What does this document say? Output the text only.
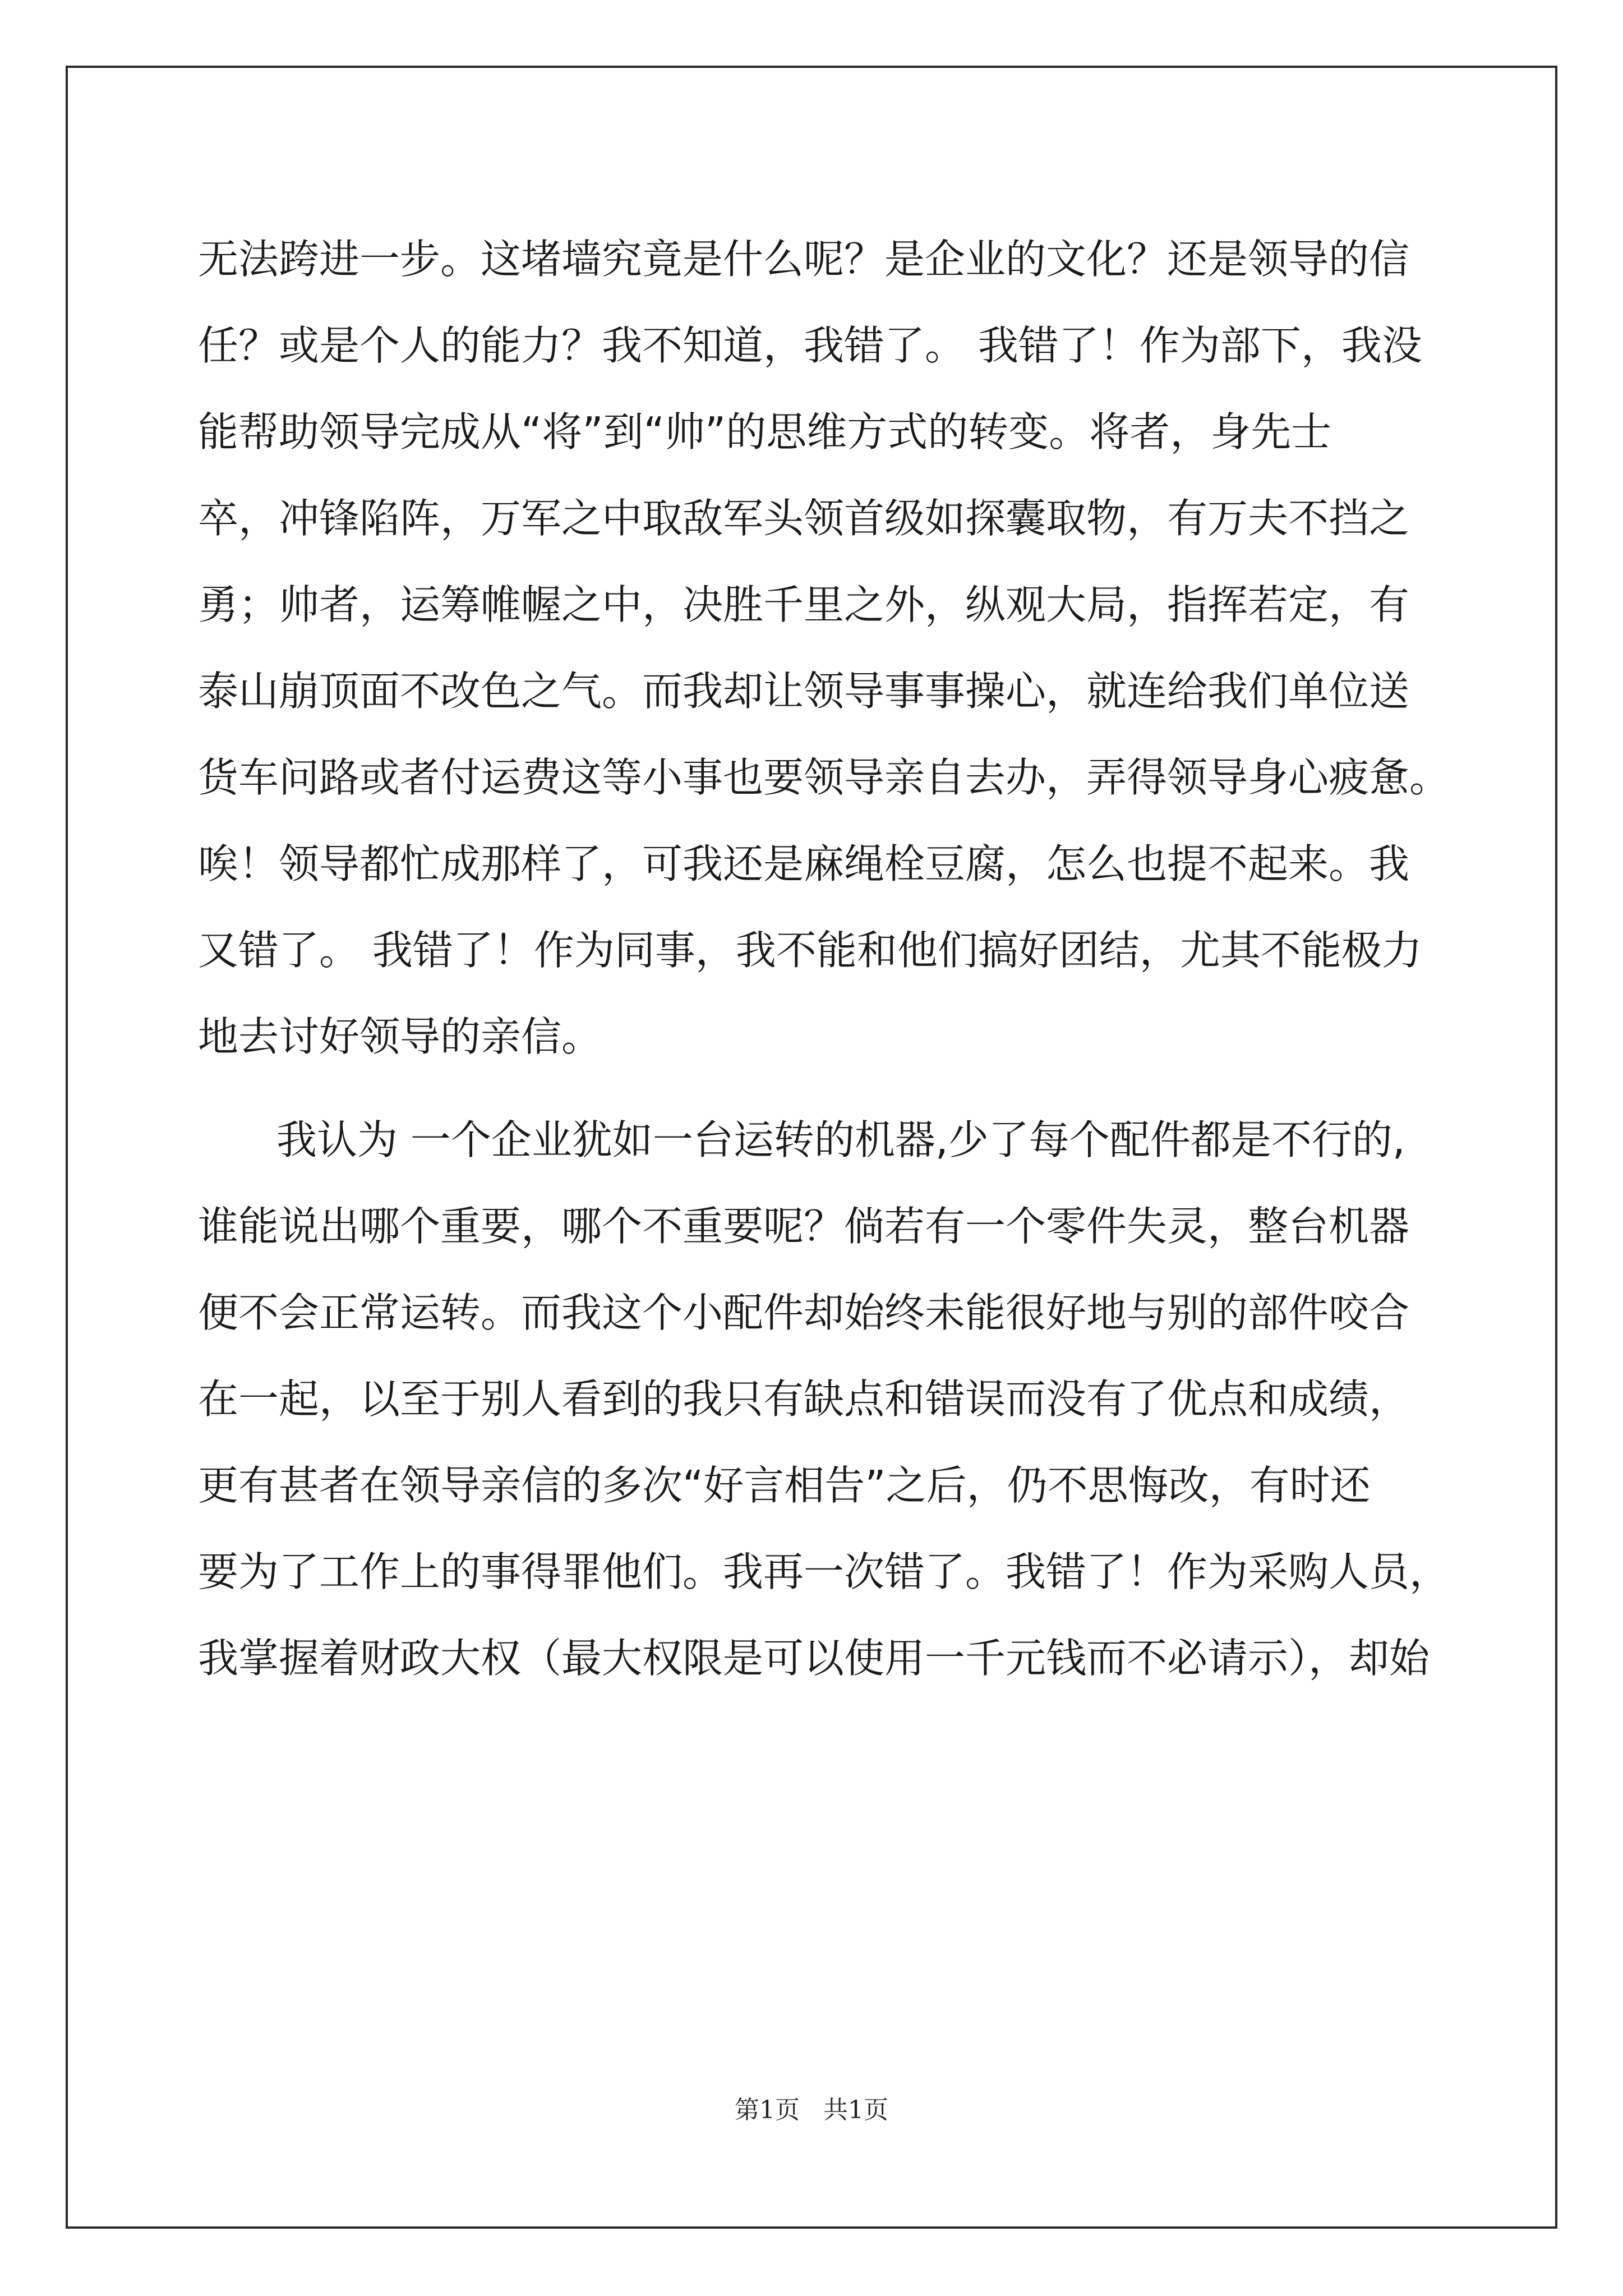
无法跨进一步。这堵墙究竟是什么呢？是企业的文化？还是领导的信
任？或是个人的能力？我不知道，我错了。 我错了！作为部下，我没
能帮助领导完成从“将”到“帅”的思维方式的转变。将者，身先士
卒，冲锋陷阵，万军之中取敌军头领首级如探囊取物，有万夫不挡之
勇；帅者，运筹帷幄之中，决胜千里之外，纵观大局，指挥若定，有
泰山崩顶面不改色之气。而我却让领导事事操心，就连给我们单位送
货车问路或者付运费这等小事也要领导亲自去办，弄得领导身心疲惫。
唉！领导都忙成那样了，可我还是麻绳栓豆腐，怎么也提不起来。我
又错了。 我错了！作为同事，我不能和他们搞好团结，尤其不能极力
地去讨好领导的亲信。
我认为 一个企业犹如一台运转的机器,少了每个配件都是不行的,
谁能说出哪个重要，哪个不重要呢？倘若有一个零件失灵，整台机器
便不会正常运转。而我这个小配件却始终未能很好地与别的部件咬合
在一起，以至于别人看到的我只有缺点和错误而没有了优点和成绩，
更有甚者在领导亲信的多次“好言相告”之后，仍不思悔改，有时还
要为了工作上的事得罪他们。我再一次错了。我错了！作为采购人员，
我掌握着财政大权（最大权限是可以使用一千元钱而不必请示），却始
第1页   共1页
